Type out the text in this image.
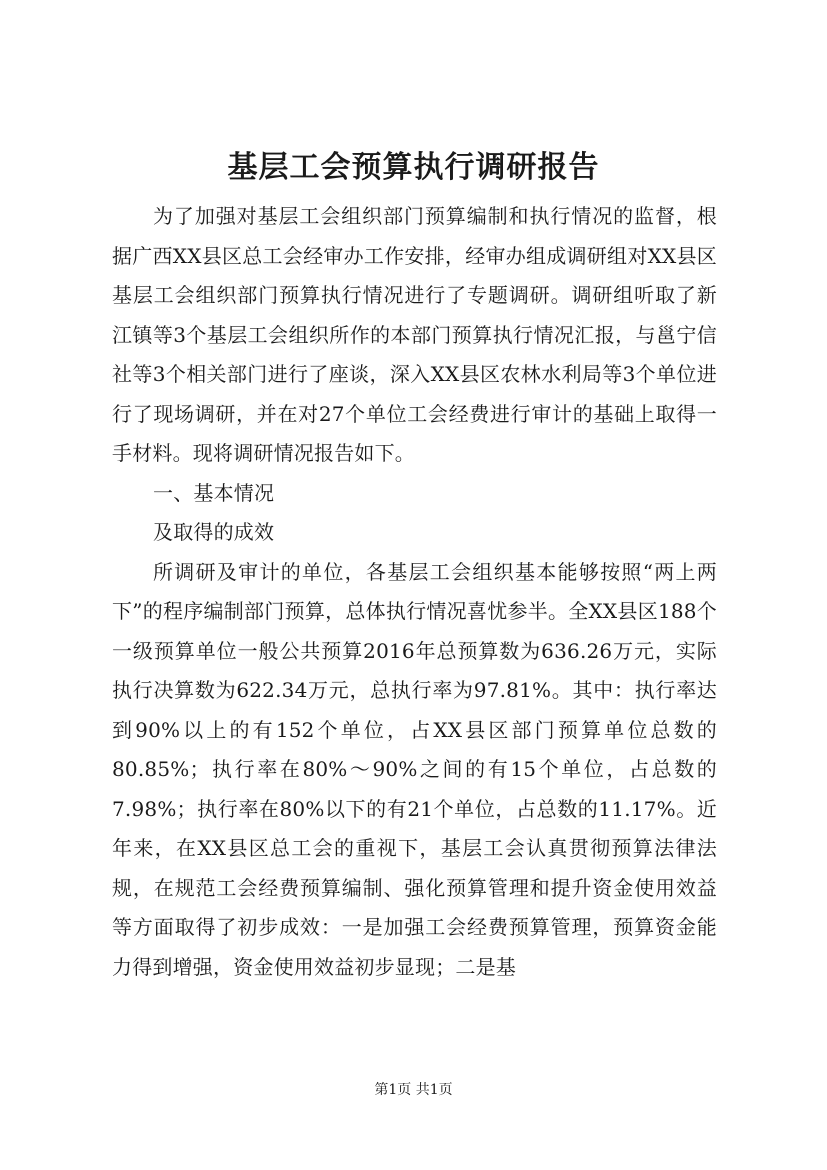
基层工会预算执行调研报告

为了加强对基层工会组织部门预算编制和执行情况的监督，根据广西XX县区总工会经审办工作安排，经审办组成调研组对XX县区基层工会组织部门预算执行情况进行了专题调研。调研组听取了新江镇等3个基层工会组织所作的本部门预算执行情况汇报，与邕宁信社等3个相关部门进行了座谈，深入XX县区农林水利局等3个单位进行了现场调研，并在对27个单位工会经费进行审计的基础上取得一手材料。现将调研情况报告如下。

一、基本情况

及取得的成效

所调研及审计的单位，各基层工会组织基本能够按照“两上两下”的程序编制部门预算，总体执行情况喜忧参半。全XX县区188个一级预算单位一般公共预算2016年总预算数为636.26万元，实际执行决算数为622.34万元，总执行率为97.81%。其中：执行率达到90%以上的有152个单位，占XX县区部门预算单位总数的80.85%；执行率在80%～90%之间的有15个单位，占总数的7.98%；执行率在80%以下的有21个单位，占总数的11.17%。近年来，在XX县区总工会的重视下，基层工会认真贯彻预算法律法规，在规范工会经费预算编制、强化预算管理和提升资金使用效益等方面取得了初步成效：一是加强工会经费预算管理，预算资金能力得到增强，资金使用效益初步显现；二是基

第1页 共1页
